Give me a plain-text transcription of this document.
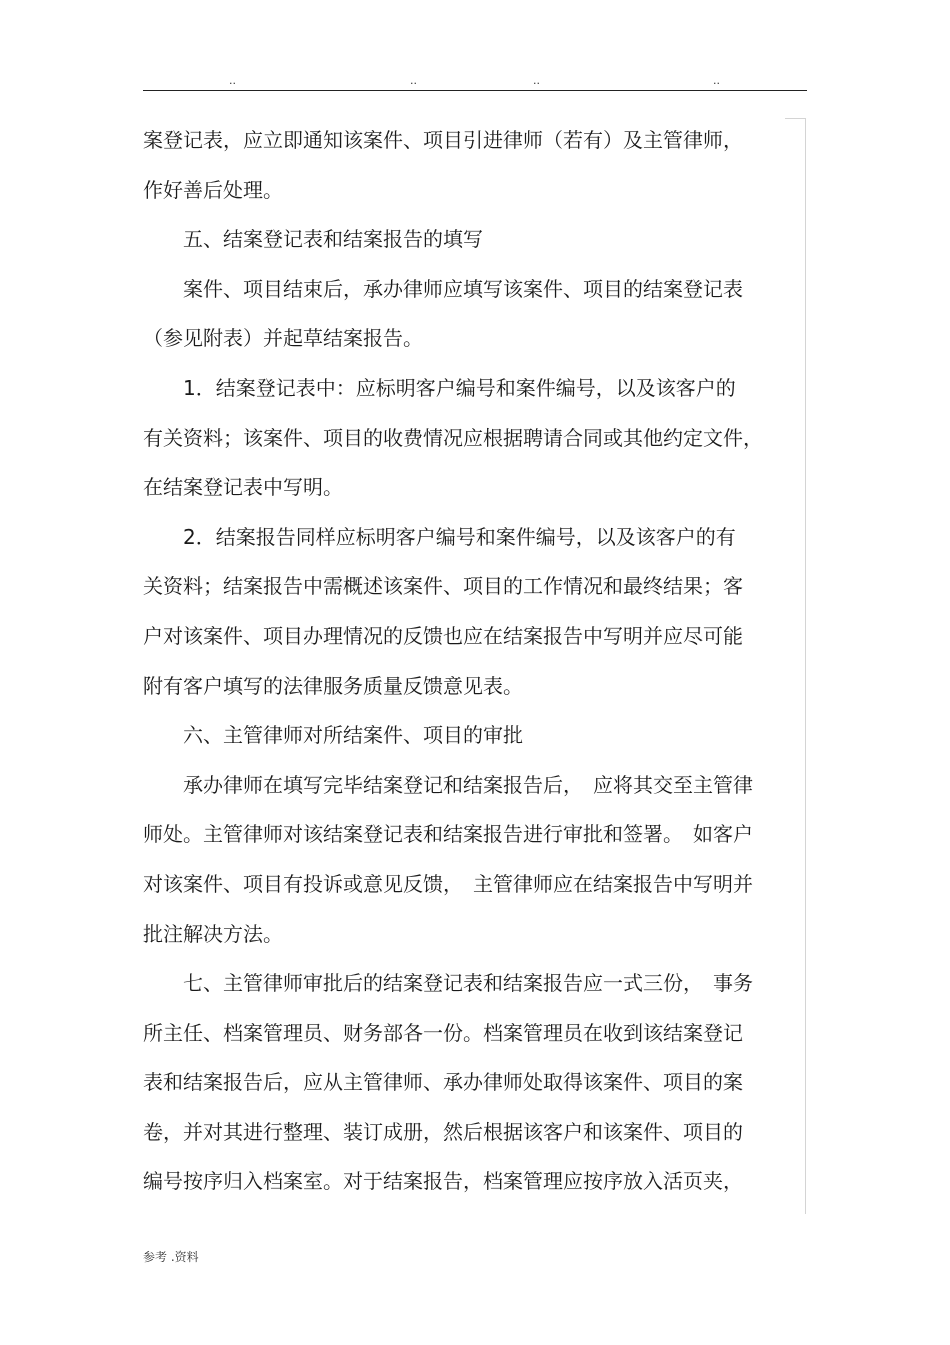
..	..	..	..
案登记表，应立即通知该案件、项目引进律师（若有）及主管律师，
作好善后处理。
　　五、结案登记表和结案报告的填写
　　案件、项目结束后，承办律师应填写该案件、项目的结案登记表
（参见附表）并起草结案报告。
　　1．结案登记表中：应标明客户编号和案件编号，以及该客户的
有关资料；该案件、项目的收费情况应根据聘请合同或其他约定文件，
在结案登记表中写明。
　　2．结案报告同样应标明客户编号和案件编号，以及该客户的有
关资料；结案报告中需概述该案件、项目的工作情况和最终结果；客
户对该案件、项目办理情况的反馈也应在结案报告中写明并应尽可能
附有客户填写的法律服务质量反馈意见表。
　　六、主管律师对所结案件、项目的审批
　　承办律师在填写完毕结案登记和结案报告后，　应将其交至主管律
师处。主管律师对该结案登记表和结案报告进行审批和签署。　如客户
对该案件、项目有投诉或意见反馈，　主管律师应在结案报告中写明并
批注解决方法。
　　七、主管律师审批后的结案登记表和结案报告应一式三份，　事务
所主任、档案管理员、财务部各一份。档案管理员在收到该结案登记
表和结案报告后，应从主管律师、承办律师处取得该案件、项目的案
卷，并对其进行整理、装订成册，然后根据该客户和该案件、项目的
编号按序归入档案室。对于结案报告，档案管理应按序放入活页夹，
参考 .资料
